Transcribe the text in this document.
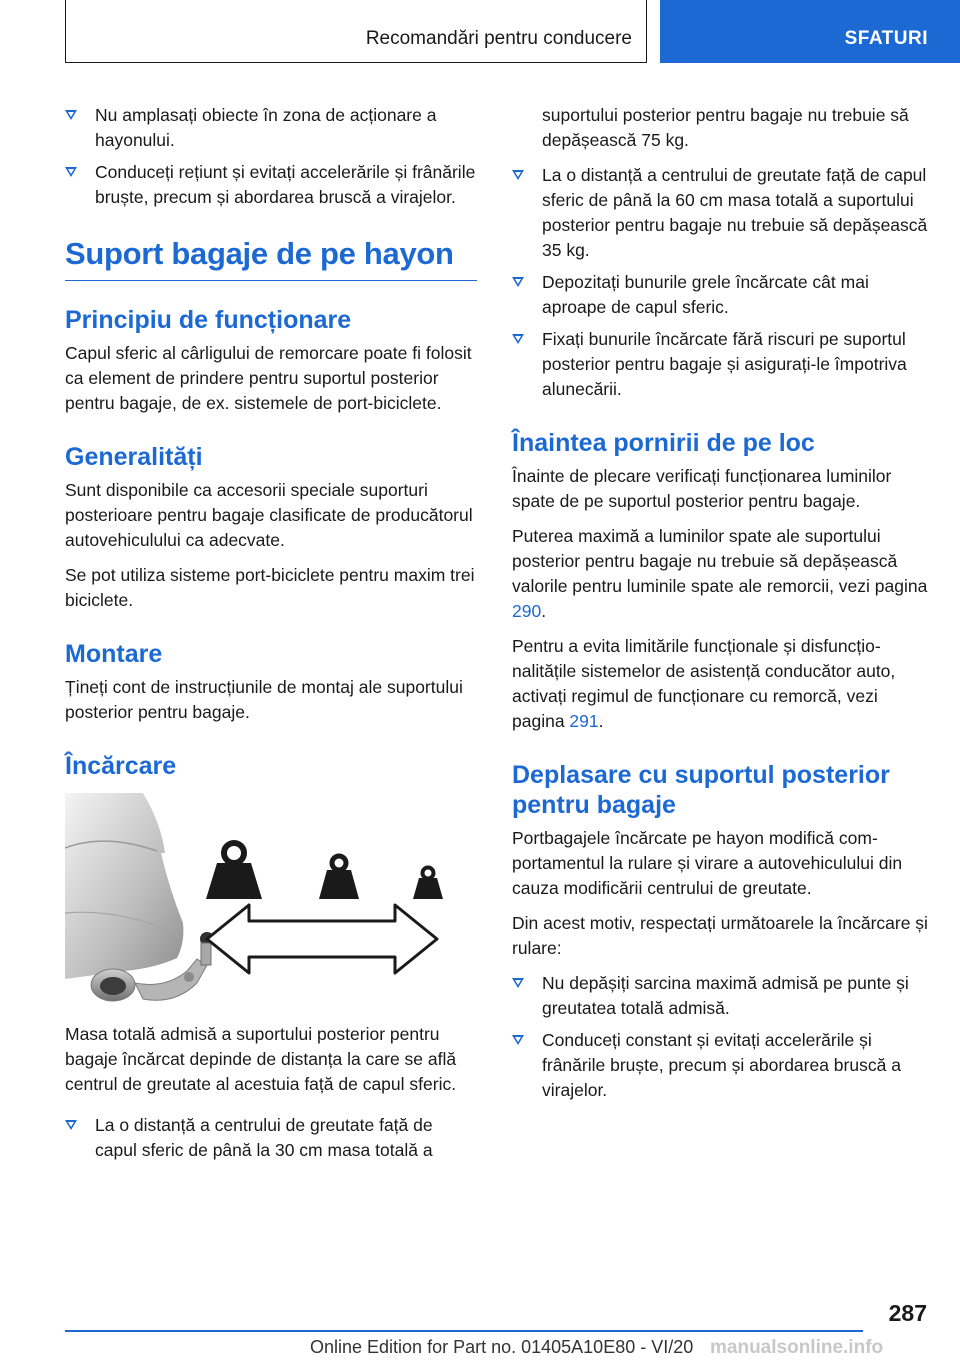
Recomandări pentru conducere	SFATURI
Nu amplasați obiecte în zona de acționare a hayonului.
Conduceți rețiunt și evitați accelerările și frânările bruște, precum și abordarea bruscă a virajelor.
Suport bagaje de pe hayon
Principiu de funcționare

Capul sferic al cârligului de remorcare poate fi folosit ca element de prindere pentru suportul posterior pentru bagaje, de ex. sistemele de port-biciclete.

Generalități

Sunt disponibile ca accesorii speciale suporturi posterioare pentru bagaje clasificate de producătorul autovehiculului ca adecvate.

Se pot utiliza sisteme port-biciclete pentru maxim trei biciclete.

Montare

Țineți cont de instrucțiunile de montaj ale suportului posterior pentru bagaje.

Încărcare

Masa totală admisă a suportului posterior pentru bagaje încărcat depinde de distanța la care se află centrul de greutate al acestuia față de capul sferic.

La o distanță a centrului de greutate față de capul sferic de până la 30 cm masa totală a

suportului posterior pentru bagaje nu trebuie să depășească 75 kg.

La o distanță a centrului de greutate față de capul sferic de până la 60 cm masa totală a suportului posterior pentru bagaje nu trebuie să depășească 35 kg.
Depozitați bunurile grele încărcate cât mai aproape de capul sferic.
Fixați bunurile încărcate fără riscuri pe suportul posterior pentru bagaje și asigurați-le împotriva alunecării.
Înaintea pornirii de pe loc

Înainte de plecare verificați funcționarea luminilor spate de pe suportul posterior pentru bagaje.

Puterea maximă a luminilor spate ale suportului posterior pentru bagaje nu trebuie să depășească valorile pentru luminile spate ale remorcii, vezi pagina 290.

Pentru a evita limitările funcționale și disfuncționalitățile sistemelor de asistență conducător auto, activați regimul de funcționare cu remorcă, vezi pagina 291.

Deplasare cu suportul posterior pentru bagaje

Portbagajele încărcate pe hayon modifică comportamentul la rulare și virare a autovehiculului din cauza modificării centrului de greutate.

Din acest motiv, respectați următoarele la încărcare și rulare:

Nu depășiți sarcina maximă admisă pe punte și greutatea totală admisă.
Conduceți constant și evitați accelerările și frânările bruște, precum și abordarea bruscă a virajelor.
287
Online Edition for Part no. 01405A10E80 - VI/20 manualsonline.info
